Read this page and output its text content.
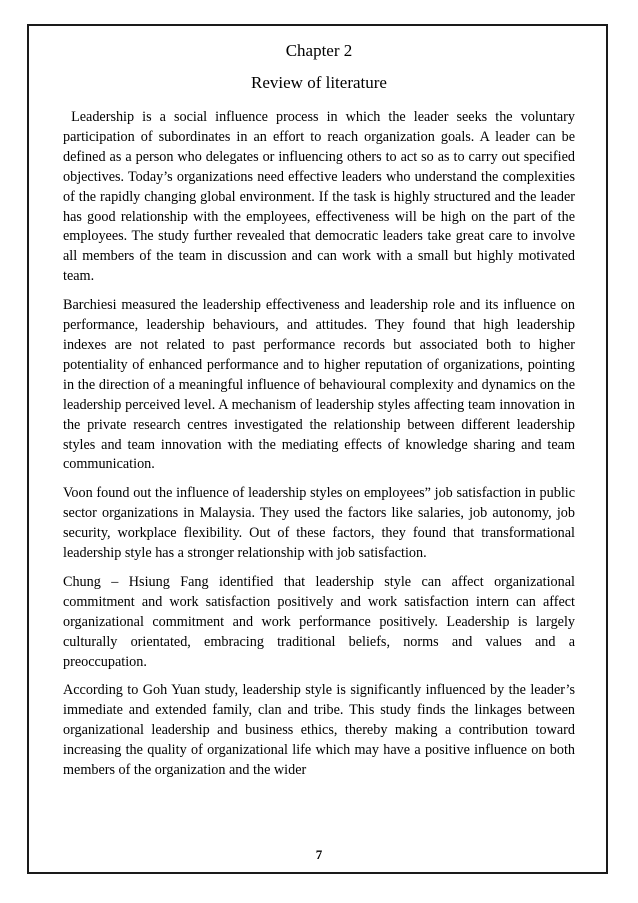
Chapter 2
Review of literature

Leadership is a social influence process in which the leader seeks the voluntary participation of subordinates in an effort to reach organization goals. A leader can be defined as a person who delegates or influencing others to act so as to carry out specified objectives. Today’s organizations need effective leaders who understand the complexities of the rapidly changing global environment. If the task is highly structured and the leader has good relationship with the employees, effectiveness will be high on the part of the employees. The study further revealed that democratic leaders take great care to involve all members of the team in discussion and can work with a small but highly motivated team.

Barchiesi measured the leadership effectiveness and leadership role and its influence on performance, leadership behaviours, and attitudes. They found that high leadership indexes are not related to past performance records but associated both to higher potentiality of enhanced performance and to higher reputation of organizations, pointing in the direction of a meaningful influence of behavioural complexity and dynamics on the leadership perceived level. A mechanism of leadership styles affecting team innovation in the private research centres investigated the relationship between different leadership styles and team innovation with the mediating effects of knowledge sharing and team communication.

Voon found out the influence of leadership styles on employees” job satisfaction in public sector organizations in Malaysia. They used the factors like salaries, job autonomy, job security, workplace flexibility. Out of these factors, they found that transformational leadership style has a stronger relationship with job satisfaction.

Chung – Hsiung Fang identified that leadership style can affect organizational commitment and work satisfaction positively and work satisfaction intern can affect organizational commitment and work performance positively. Leadership is largely culturally orientated, embracing traditional beliefs, norms and values and a preoccupation.

According to Goh Yuan study, leadership style is significantly influenced by the leader’s immediate and extended family, clan and tribe. This study finds the linkages between organizational leadership and business ethics, thereby making a contribution toward increasing the quality of organizational life which may have a positive influence on both members of the organization and the wider

7
